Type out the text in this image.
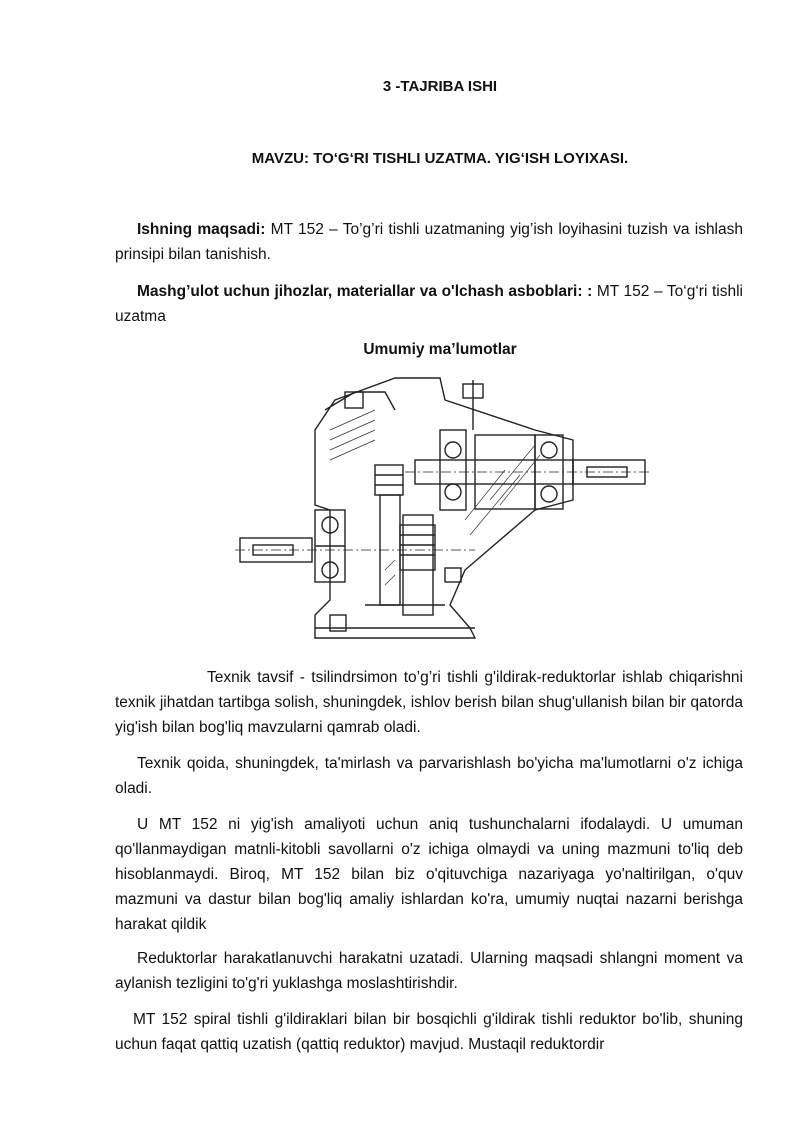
3 -TAJRIBA ISHI
MAVZU: TO‘G‘RI TISHLI UZATMA. YIG‘ISH LOYIXASI.
Ishning maqsadi: MT 152 – To’g’ri tishli uzatmaning yig’ish loyihasini tuzish va ishlash prinsipi bilan tanishish.
Mashg’ulot uchun jihozlar, materiallar va o'lchash asboblari: : MT 152 – To‘g‘ri tishli uzatma
Umumiy ma’lumotlar
Texnik tavsif - tsilindrsimon to’g’ri tishli g'ildirak-reduktorlar ishlab chiqarishni texnik jihatdan tartibga solish, shuningdek, ishlov berish bilan shug'ullanish bilan bir qatorda yig'ish bilan bog'liq mavzularni qamrab oladi.
Texnik qoida, shuningdek, ta'mirlash va parvarishlash bo'yicha ma'lumotlarni o'z ichiga oladi.
U MT 152 ni yig'ish amaliyoti uchun aniq tushunchalarni ifodalaydi. U umuman qo'llanmaydigan matnli-kitobli savollarni o'z ichiga olmaydi va uning mazmuni to'liq deb hisoblanmaydi. Biroq, MT 152 bilan biz o'qituvchiga nazariyaga yo'naltirilgan, o'quv mazmuni va dastur bilan bog'liq amaliy ishlardan ko'ra, umumiy nuqtai nazarni berishga harakat qildik
Reduktorlar harakatlanuvchi harakatni uzatadi. Ularning maqsadi shlangni moment va aylanish tezligini to'g'ri yuklashga moslashtirishdir.
MT 152 spiral tishli g'ildiraklari bilan bir bosqichli g'ildirak tishli reduktor bo'lib, shuning uchun faqat qattiq uzatish (qattiq reduktor) mavjud. Mustaqil reduktordir
